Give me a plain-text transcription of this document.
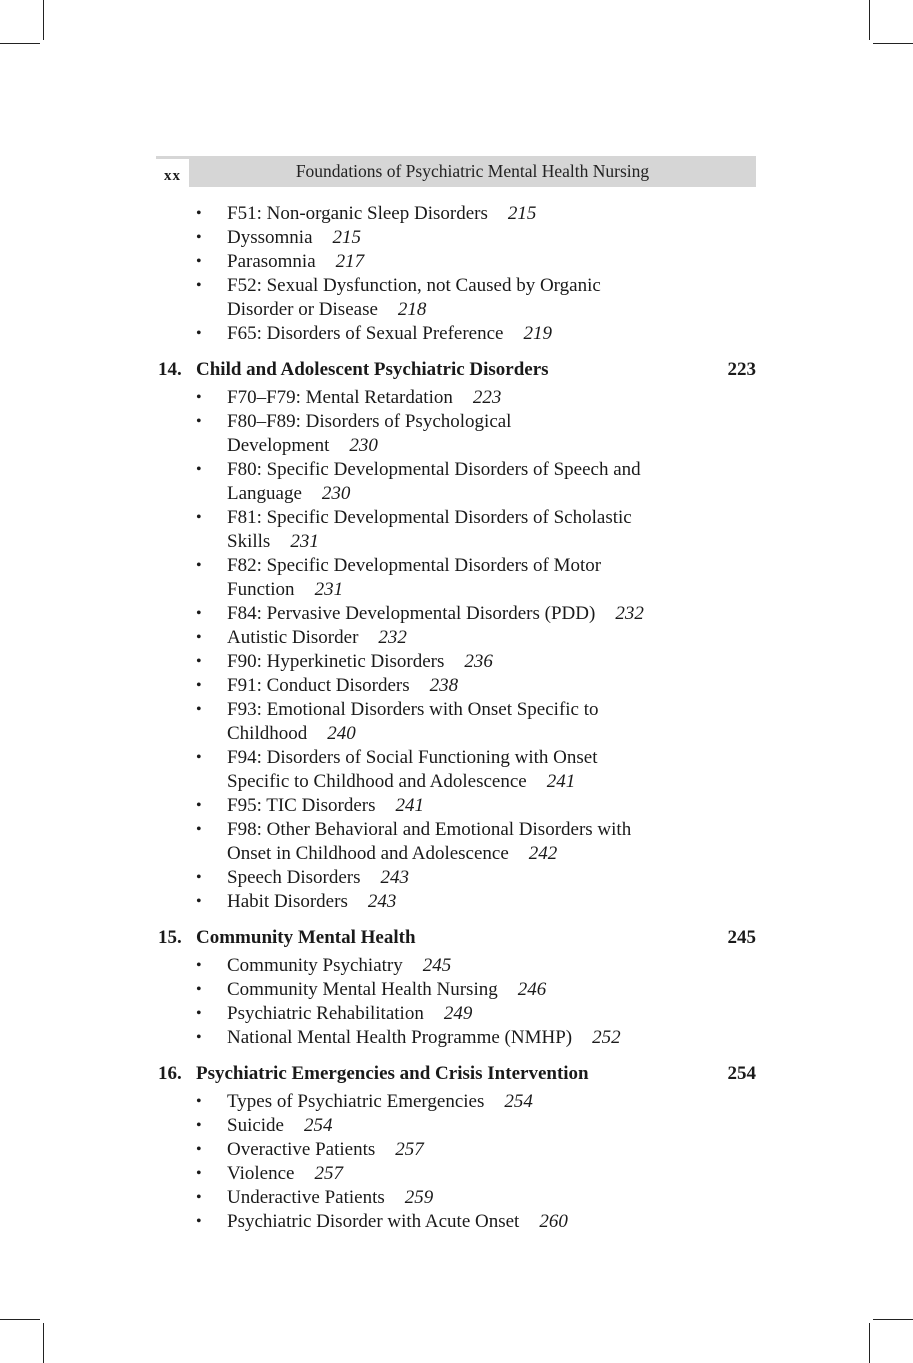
xx	Foundations of Psychiatric Mental Health Nursing
• F51: Non-organic Sleep Disorders 215
• Dyssomnia 215
• Parasomnia 217
• F52: Sexual Dysfunction, not Caused by Organic Disorder or Disease 218
• F65: Disorders of Sexual Preference 219
14. Child and Adolescent Psychiatric Disorders	223
• F70–F79: Mental Retardation 223
• F80–F89: Disorders of Psychological Development 230
• F80: Specific Developmental Disorders of Speech and Language 230
• F81: Specific Developmental Disorders of Scholastic Skills 231
• F82: Specific Developmental Disorders of Motor Function 231
• F84: Pervasive Developmental Disorders (PDD) 232
• Autistic Disorder 232
• F90: Hyperkinetic Disorders 236
• F91: Conduct Disorders 238
• F93: Emotional Disorders with Onset Specific to Childhood 240
• F94: Disorders of Social Functioning with Onset Specific to Childhood and Adolescence 241
• F95: TIC Disorders 241
• F98: Other Behavioral and Emotional Disorders with Onset in Childhood and Adolescence 242
• Speech Disorders 243
• Habit Disorders 243
15. Community Mental Health	245
• Community Psychiatry 245
• Community Mental Health Nursing 246
• Psychiatric Rehabilitation 249
• National Mental Health Programme (NMHP) 252
16. Psychiatric Emergencies and Crisis Intervention	254
• Types of Psychiatric Emergencies 254
• Suicide 254
• Overactive Patients 257
• Violence 257
• Underactive Patients 259
• Psychiatric Disorder with Acute Onset 260
